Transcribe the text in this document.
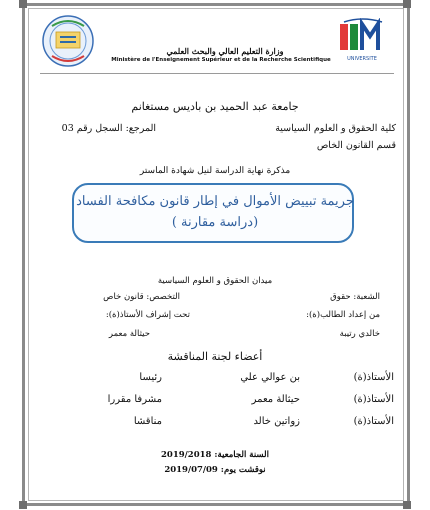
UNIVERSITE
وزارة التعليم العالي والبحث العلمي
Ministère de l'Enseignement Supérieur et de la Recherche Scientifique
جامعة عبد الحميد بن باديس مستغانم
كلية الحقوق و العلوم السياسية
المرجع: السجل رقم 03
قسم القانون الخاص
مذكرة نهاية الدراسة لنيل شهادة الماستر
جريمة تبييض الأموال في إطار قانون مكافحة الفساد
(دراسة مقارنة )
ميدان الحقوق و العلوم السياسية
الشعبة: حقوق
التخصص: قانون خاص
من إعداد الطالب(ة):
تحت إشراف الأستاذ(ة):
خالدي رتيبة
حيثالة معمر
أعضاء لجنة المناقشة
الأستاذ(ة)
بن عوالي علي
رئيسا
الأستاذ(ة)
حيثالة معمر
مشرفا مقررا
الأستاذ(ة)
زواتين خالد
مناقشا
السنة الجامعية: 2019/2018
نوقشت يوم: 2019/07/09
